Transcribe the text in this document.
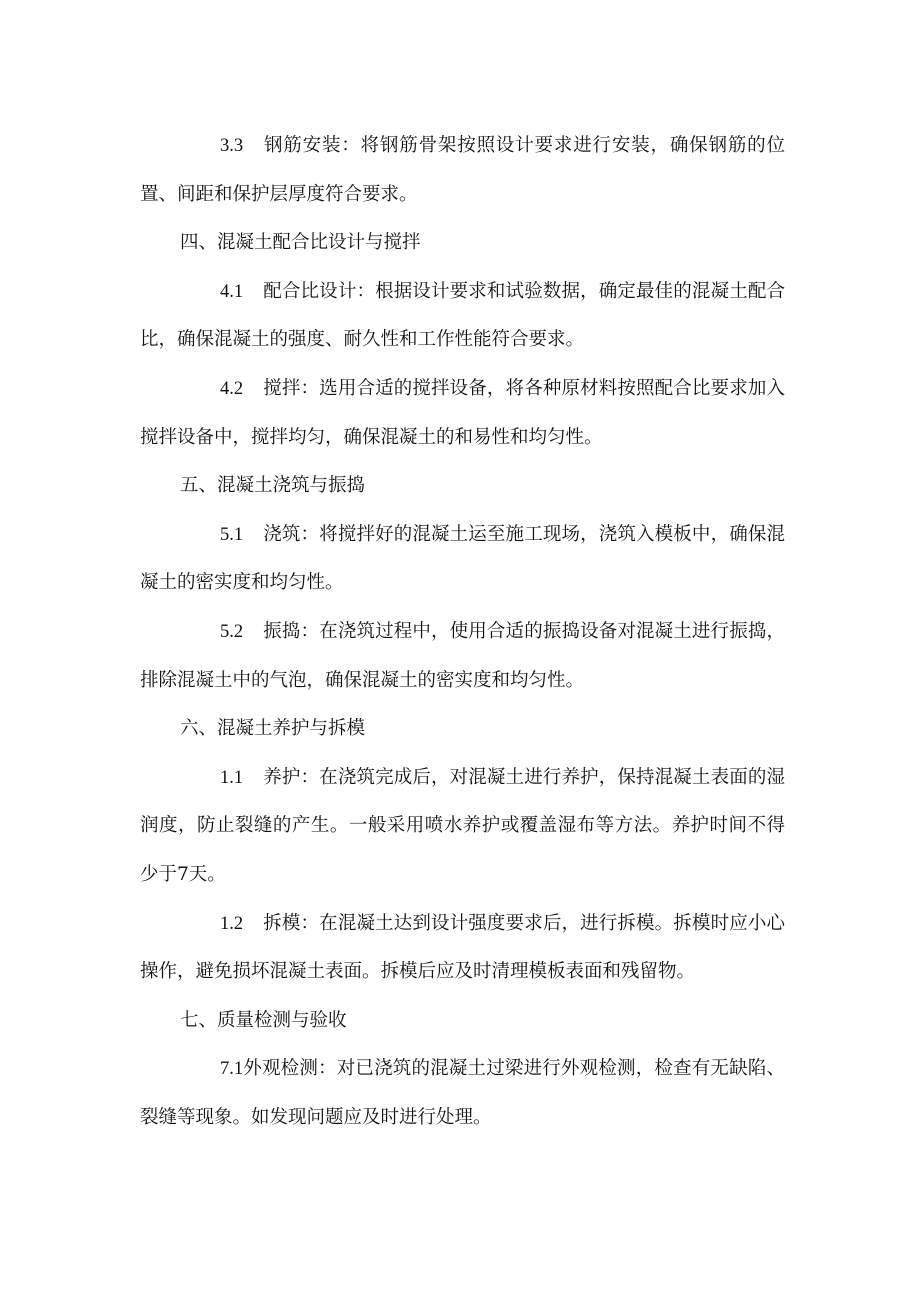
3.3 钢筋安装：将钢筋骨架按照设计要求进行安装，确保钢筋的位置、间距和保护层厚度符合要求。

四、混凝土配合比设计与搅拌

4.1 配合比设计：根据设计要求和试验数据，确定最佳的混凝土配合比，确保混凝土的强度、耐久性和工作性能符合要求。

4.2 搅拌：选用合适的搅拌设备，将各种原材料按照配合比要求加入搅拌设备中，搅拌均匀，确保混凝土的和易性和均匀性。

五、混凝土浇筑与振捣

5.1 浇筑：将搅拌好的混凝土运至施工现场，浇筑入模板中，确保混凝土的密实度和均匀性。

5.2 振捣：在浇筑过程中，使用合适的振捣设备对混凝土进行振捣，排除混凝土中的气泡，确保混凝土的密实度和均匀性。

六、混凝土养护与拆模

1.1 养护：在浇筑完成后，对混凝土进行养护，保持混凝土表面的湿润度，防止裂缝的产生。一般采用喷水养护或覆盖湿布等方法。养护时间不得少于7天。

1.2 拆模：在混凝土达到设计强度要求后，进行拆模。拆模时应小心操作，避免损坏混凝土表面。拆模后应及时清理模板表面和残留物。

七、质量检测与验收

7.1外观检测：对已浇筑的混凝土过梁进行外观检测，检查有无缺陷、裂缝等现象。如发现问题应及时进行处理。
